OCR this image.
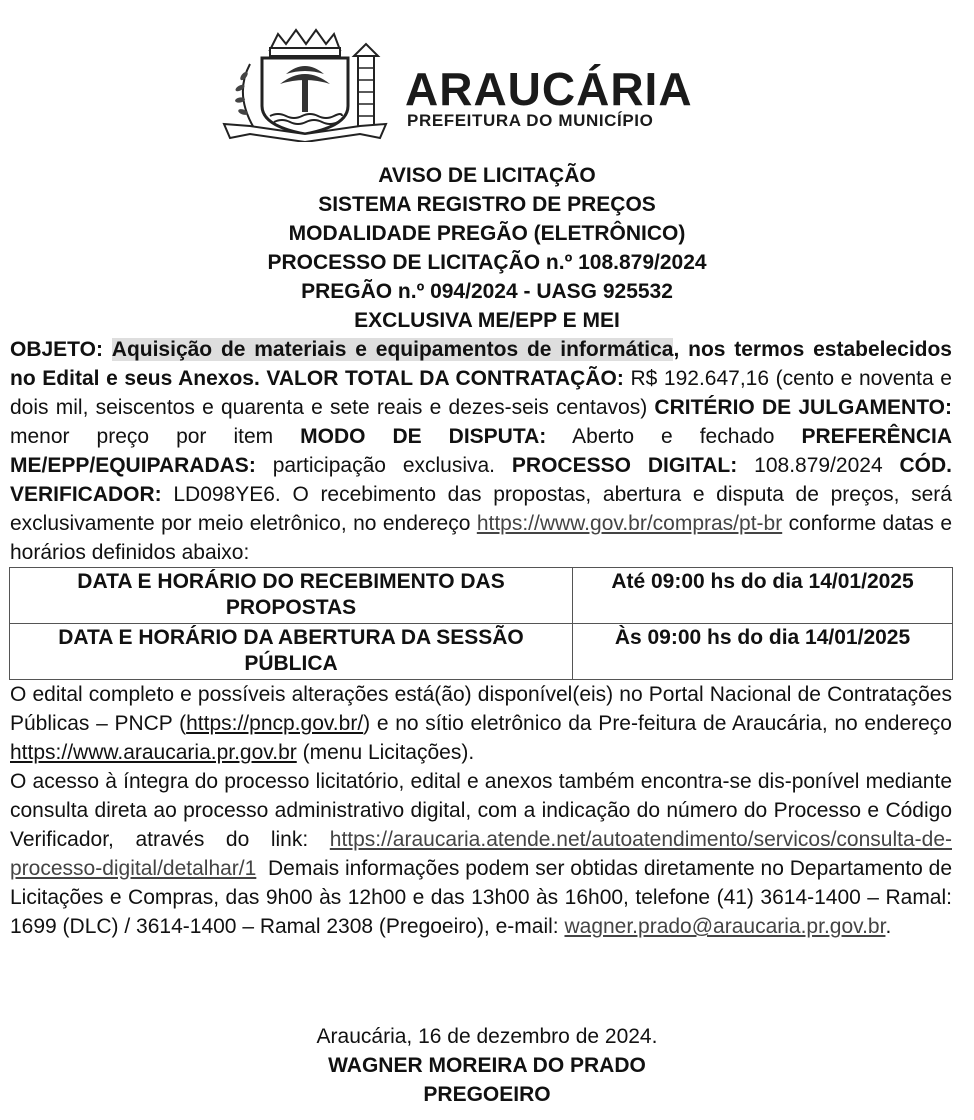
ARAUCÁRIA
PREFEITURA DO MUNICÍPIO
AVISO DE LICITAÇÃO
SISTEMA REGISTRO DE PREÇOS
MODALIDADE PREGÃO (ELETRÔNICO)
PROCESSO DE LICITAÇÃO n.º 108.879/2024
PREGÃO n.º 094/2024 - UASG 925532
EXCLUSIVA ME/EPP E MEI

OBJETO: Aquisição de materiais e equipamentos de informática, nos termos estabelecidos no Edital e seus Anexos. VALOR TOTAL DA CONTRATAÇÃO: R$ 192.647,16 (cento e noventa e dois mil, seiscentos e quarenta e sete reais e dezes-seis centavos) CRITÉRIO DE JULGAMENTO: menor preço por item MODO DE DISPUTA: Aberto e fechado PREFERÊNCIA ME/EPP/EQUIPARADAS: participação exclusiva. PROCESSO DIGITAL: 108.879/2024 CÓD. VERIFICADOR: LD098YE6. O recebimento das propostas, abertura e disputa de preços, será exclusivamente por meio eletrônico, no endereço https://www.gov.br/compras/pt-br conforme datas e horários definidos abaixo:

DATA E HORÁRIO DO RECEBIMENTO DAS PROPOSTAS	Até 09:00 hs do dia 14/01/2025
DATA E HORÁRIO DA ABERTURA DA SESSÃO PÚBLICA	Às 09:00 hs do dia 14/01/2025

O edital completo e possíveis alterações está(ão) disponível(eis) no Portal Nacional de Contratações Públicas – PNCP (https://pncp.gov.br/) e no sítio eletrônico da Pre-feitura de Araucária, no endereço https://www.araucaria.pr.gov.br (menu Licitações).

O acesso à íntegra do processo licitatório, edital e anexos também encontra-se dis-ponível mediante consulta direta ao processo administrativo digital, com a indicação do número do Processo e Código Verificador, através do link: https://araucaria.atende.net/autoatendimento/servicos/consulta-de-processo-digital/detalhar/1 Demais informações podem ser obtidas diretamente no Departamento de Licitações e Compras, das 9h00 às 12h00 e das 13h00 às 16h00, telefone (41) 3614-1400 – Ramal: 1699 (DLC) / 3614-1400 – Ramal 2308 (Pregoeiro), e-mail: wagner.prado@araucaria.pr.gov.br.

Araucária, 16 de dezembro de 2024.
WAGNER MOREIRA DO PRADO
PREGOEIRO
